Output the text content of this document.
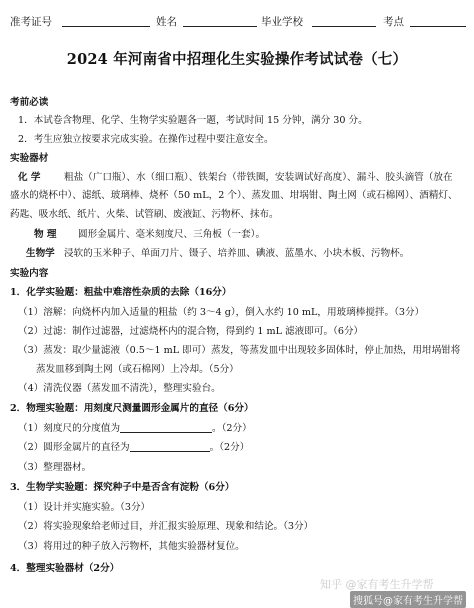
准考证号	姓名	毕业学校	考点
2024 年河南省中招理化生实验操作考试试卷（七）
考前必读
1．本试卷含物理、化学、生物学实验题各一题，考试时间 15 分钟，满分 30 分。
2．考生应独立按要求完成实验。在操作过程中要注意安全。
实验器材
化 学 粗盐（广口瓶）、水（细口瓶）、铁架台（带铁圈，安装调试好高度）、漏斗、胶头滴管（放在
盛水的烧杯中）、滤纸、玻璃棒、烧杯（50 mL，2 个）、蒸发皿、坩埚钳、陶土网（或石棉网）、酒精灯、
药匙、吸水纸、纸片、火柴、试管刷、废液缸、污物杯、抹布。
物 理 圆形金属片、毫米刻度尺、三角板（一套）。
生物学 浸软的玉米种子、单面刀片、镊子、培养皿、碘液、蓝墨水、小块木板、污物杯。
实验内容
1．化学实验题：粗盐中难溶性杂质的去除（16分）
（1）溶解：向烧杯内加入适量的粗盐（约 3～4 g），倒入水约 10 mL，用玻璃棒搅拌。（3分）
（2）过滤：制作过滤器，过滤烧杯内的混合物，得到约 1 mL 滤液即可。（6分）
（3）蒸发：取少量滤液（0.5～1 mL 即可）蒸发，等蒸发皿中出现较多固体时，停止加热，用坩埚钳将
蒸发皿移到陶土网（或石棉网）上冷却。（5分）
（4）清洗仪器（蒸发皿不清洗），整理实验台。
2．物理实验题：用刻度尺测量圆形金属片的直径（6分）
（1）刻度尺的分度值为	。（2分）
（2）圆形金属片的直径为	。（2分）
（3）整理器材。
3．生物学实验题：探究种子中是否含有淀粉（6分）
（1）设计并实施实验。（3分）
（2）将实验现象给老师过目，并汇报实验原理、现象和结论。（3分）
（3）将用过的种子放入污物杯，其他实验器材复位。
4．整理实验器材（2分）
知乎 @家有考生升学帮
搜狐号@家有考生升学帮
